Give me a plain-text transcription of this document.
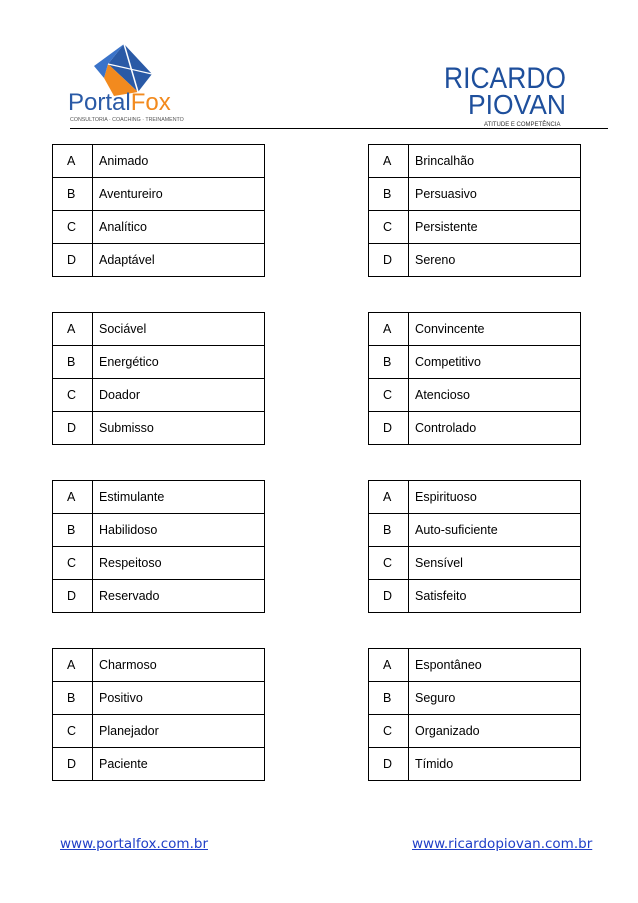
PortalFox
CONSULTORIA · COACHING · TREINAMENTO
RICARDO
PIOVAN
ATITUDE E COMPETÊNCIA
A	Animado
B	Aventureiro
C	Analítico
D	Adaptável
A	Brincalhão
B	Persuasivo
C	Persistente
D	Sereno
A	Sociável
B	Energético
C	Doador
D	Submisso
A	Convincente
B	Competitivo
C	Atencioso
D	Controlado
A	Estimulante
B	Habilidoso
C	Respeitoso
D	Reservado
A	Espirituoso
B	Auto-suficiente
C	Sensível
D	Satisfeito
A	Charmoso
B	Positivo
C	Planejador
D	Paciente
A	Espontâneo
B	Seguro
C	Organizado
D	Tímido
www.portalfox.com.br	www.ricardopiovan.com.br
